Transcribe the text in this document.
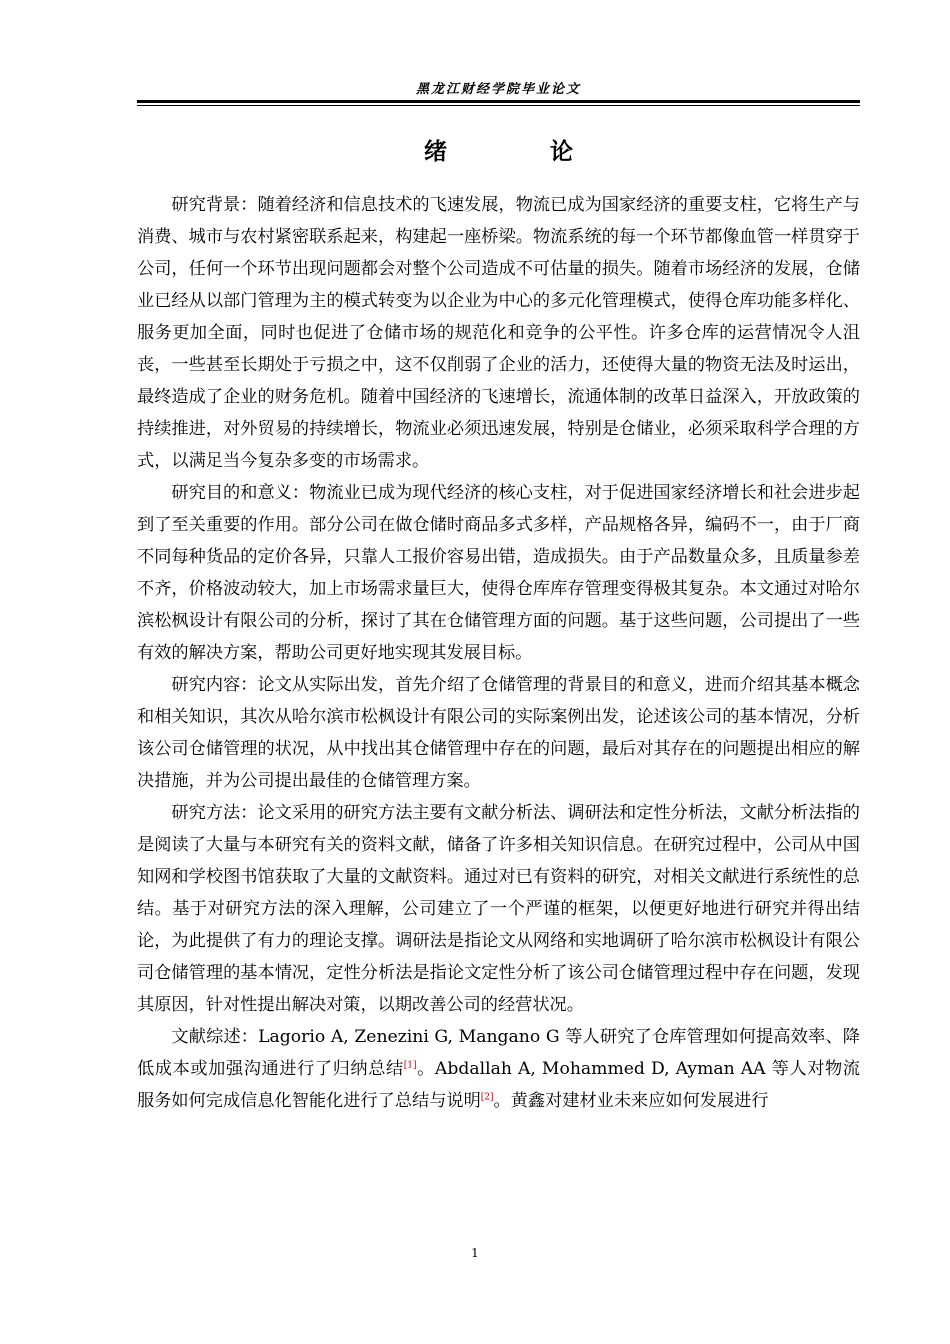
黑龙江财经学院毕业论文
绪　论

研究背景：随着经济和信息技术的飞速发展，物流已成为国家经济的重要支柱，它将生产与消费、城市与农村紧密联系起来，构建起一座桥梁。物流系统的每一个环节都像血管一样贯穿于公司，任何一个环节出现问题都会对整个公司造成不可估量的损失。随着市场经济的发展，仓储业已经从以部门管理为主的模式转变为以企业为中心的多元化管理模式，使得仓库功能多样化、服务更加全面，同时也促进了仓储市场的规范化和竞争的公平性。许多仓库的运营情况令人沮丧，一些甚至长期处于亏损之中，这不仅削弱了企业的活力，还使得大量的物资无法及时运出，最终造成了企业的财务危机。随着中国经济的飞速增长，流通体制的改革日益深入，开放政策的持续推进，对外贸易的持续增长，物流业必须迅速发展，特别是仓储业，必须采取科学合理的方式，以满足当今复杂多变的市场需求。

研究目的和意义：物流业已成为现代经济的核心支柱，对于促进国家经济增长和社会进步起到了至关重要的作用。部分公司在做仓储时商品多式多样，产品规格各异，编码不一，由于厂商不同每种货品的定价各异，只靠人工报价容易出错，造成损失。由于产品数量众多，且质量参差不齐，价格波动较大，加上市场需求量巨大，使得仓库库存管理变得极其复杂。本文通过对哈尔滨松枫设计有限公司的分析，探讨了其在仓储管理方面的问题。基于这些问题，公司提出了一些有效的解决方案，帮助公司更好地实现其发展目标。

研究内容：论文从实际出发，首先介绍了仓储管理的背景目的和意义，进而介绍其基本概念和相关知识，其次从哈尔滨市松枫设计有限公司的实际案例出发，论述该公司的基本情况，分析该公司仓储管理的状况，从中找出其仓储管理中存在的问题，最后对其存在的问题提出相应的解决措施，并为公司提出最佳的仓储管理方案。

研究方法：论文采用的研究方法主要有文献分析法、调研法和定性分析法，文献分析法指的是阅读了大量与本研究有关的资料文献，储备了许多相关知识信息。在研究过程中，公司从中国知网和学校图书馆获取了大量的文献资料。通过对已有资料的研究，对相关文献进行系统性的总结。基于对研究方法的深入理解，公司建立了一个严谨的框架，以便更好地进行研究并得出结论，为此提供了有力的理论支撑。调研法是指论文从网络和实地调研了哈尔滨市松枫设计有限公司仓储管理的基本情况，定性分析法是指论文定性分析了该公司仓储管理过程中存在问题，发现其原因，针对性提出解决对策，以期改善公司的经营状况。

文献综述：Lagorio A, Zenezini G, Mangano G 等人研究了仓库管理如何提高效率、降低成本或加强沟通进行了归纳总结[1]。Abdallah A, Mohammed D, Ayman AA 等人对物流服务如何完成信息化智能化进行了总结与说明[2]。黄鑫对建材业未来应如何发展进行

1
